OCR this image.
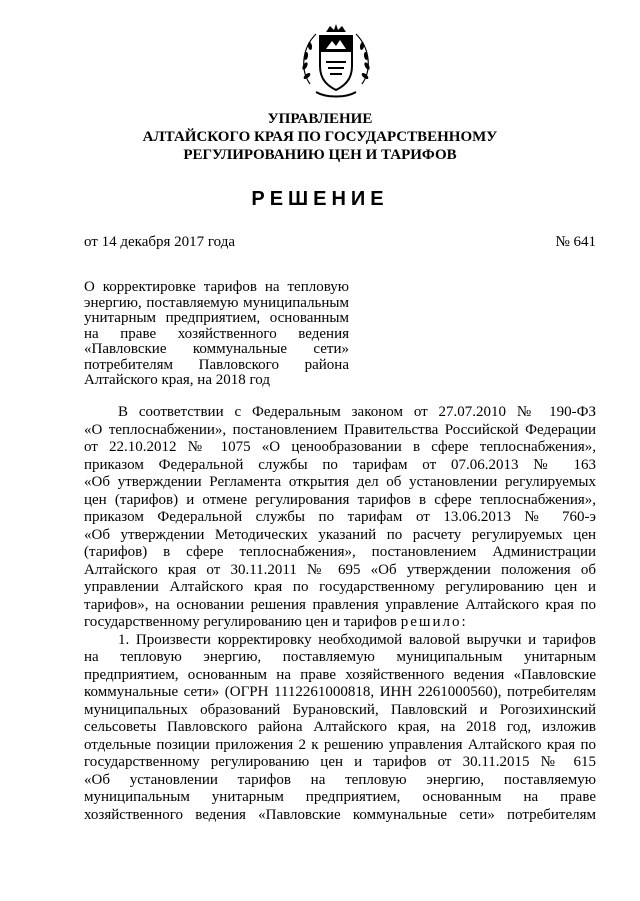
УПРАВЛЕНИЕ
АЛТАЙСКОГО КРАЯ ПО ГОСУДАРСТВЕННОМУ
РЕГУЛИРОВАНИЮ ЦЕН И ТАРИФОВ
РЕШЕНИЕ
от 14 декабря 2017 года	№ 641
О корректировке тарифов на тепловую
энергию, поставляемую муниципальным
унитарным предприятием, основанным
на праве хозяйственного ведения
«Павловские коммунальные сети»
потребителям Павловского района
Алтайского края, на 2018 год
В соответствии с Федеральным законом от 27.07.2010 № 190-ФЗ
«О теплоснабжении», постановлением Правительства Российской Федерации
от 22.10.2012 № 1075 «О ценообразовании в сфере теплоснабжения»,
приказом Федеральной службы по тарифам от 07.06.2013 № 163
«Об утверждении Регламента открытия дел об установлении регулируемых
цен (тарифов) и отмене регулирования тарифов в сфере теплоснабжения»,
приказом Федеральной службы по тарифам от 13.06.2013 № 760-э
«Об утверждении Методических указаний по расчету регулируемых цен
(тарифов) в сфере теплоснабжения», постановлением Администрации
Алтайского края от 30.11.2011 № 695 «Об утверждении положения об
управлении Алтайского края по государственному регулированию цен и
тарифов», на основании решения правления управление Алтайского края по
государственному регулированию цен и тарифов решило:
1. Произвести корректировку необходимой валовой выручки и тарифов
на тепловую энергию, поставляемую муниципальным унитарным
предприятием, основанным на праве хозяйственного ведения «Павловские
коммунальные сети» (ОГРН 1112261000818, ИНН 2261000560), потребителям
муниципальных образований Бурановский, Павловский и Рогозихинский
сельсоветы Павловского района Алтайского края, на 2018 год, изложив
отдельные позиции приложения 2 к решению управления Алтайского края по
государственному регулированию цен и тарифов от 30.11.2015 № 615
«Об установлении тарифов на тепловую энергию, поставляемую
муниципальным унитарным предприятием, основанным на праве
хозяйственного ведения «Павловские коммунальные сети» потребителям
